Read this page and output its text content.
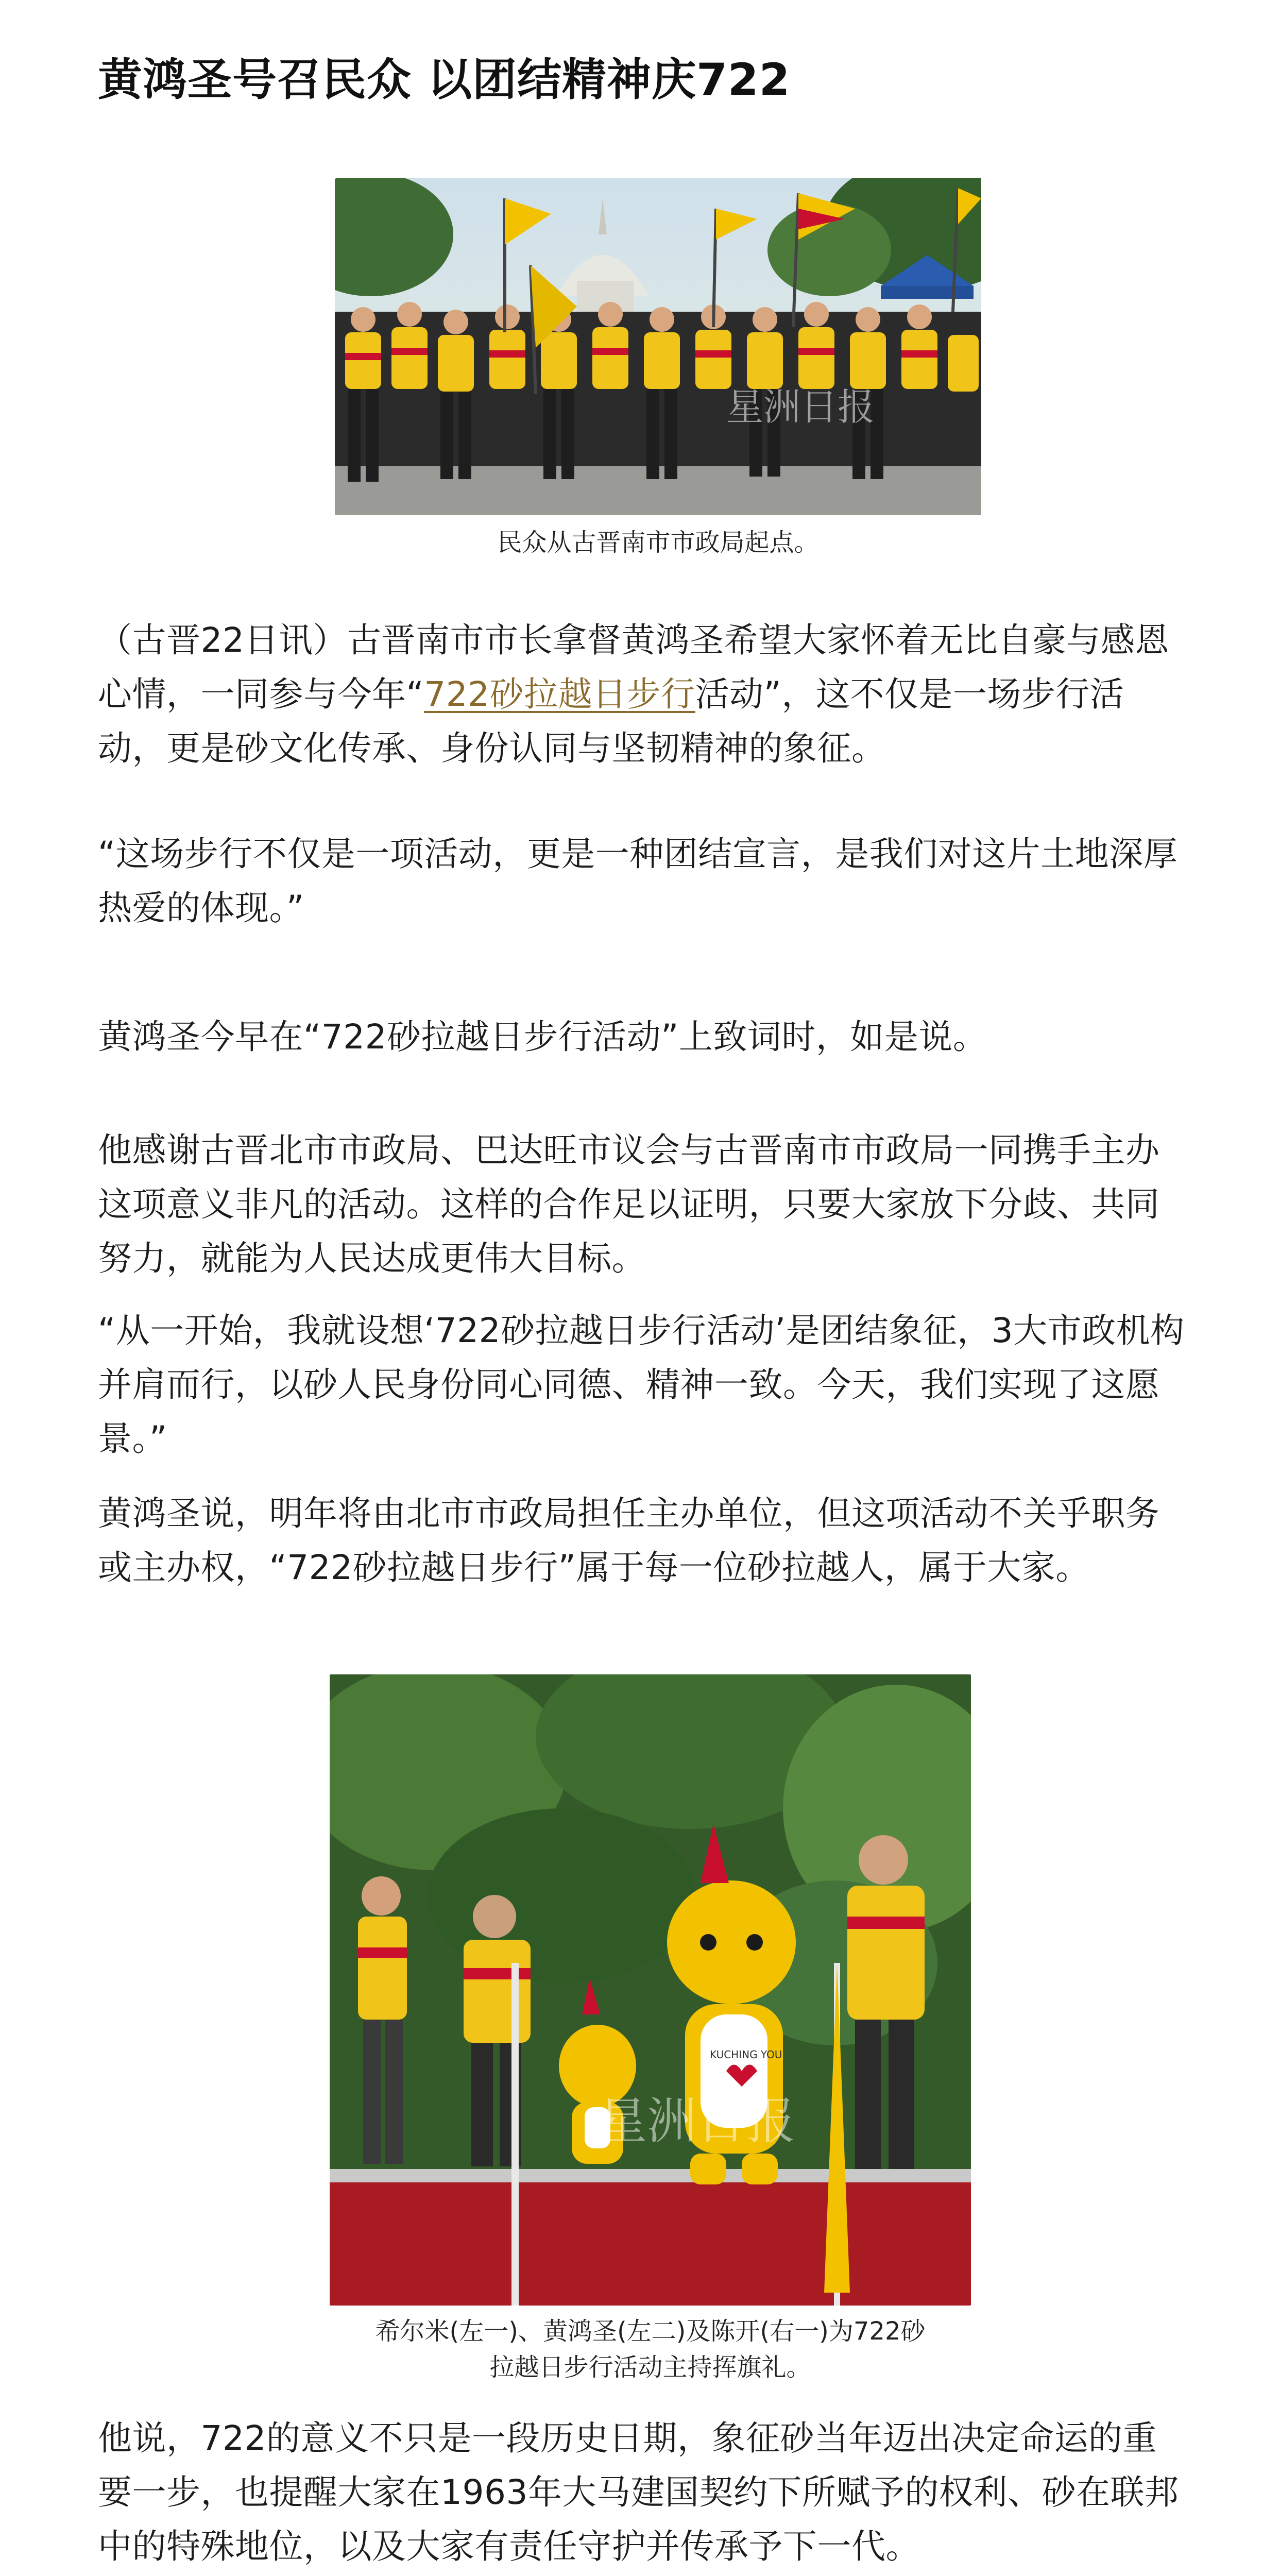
黄鸿圣号召民众 以团结精神庆722
星洲日报
民众从古晋南市市政局起点。

（古晋22日讯）古晋南市市长拿督黄鸿圣希望大家怀着无比自豪与感恩心情，一同参与今年“722砂拉越日步行活动”，这不仅是一场步行活动，更是砂文化传承、身份认同与坚韧精神的象征。

“这场步行不仅是一项活动，更是一种团结宣言，是我们对这片土地深厚热爱的体现。”

黄鸿圣今早在“722砂拉越日步行活动”上致词时，如是说。

他感谢古晋北市市政局、巴达旺市议会与古晋南市市政局一同携手主办这项意义非凡的活动。这样的合作足以证明，只要大家放下分歧、共同努力，就能为人民达成更伟大目标。

“从一开始，我就设想‘722砂拉越日步行活动’是团结象征，3大市政机构并肩而行，以砂人民身份同心同德、精神一致。今天，我们实现了这愿景。”

黄鸿圣说，明年将由北市市政局担任主办单位，但这项活动不关乎职务或主办权，“722砂拉越日步行”属于每一位砂拉越人，属于大家。

KUCHING YOU
星洲日报
希尔米(左一)、黄鸿圣(左二)及陈开(右一)为722砂
拉越日步行活动主持挥旗礼。

他说，722的意义不只是一段历史日期，象征砂当年迈出决定命运的重要一步，也提醒大家在1963年大马建国契约下所赋予的权利、砂在联邦中的特殊地位，以及大家有责任守护并传承予下一代。
